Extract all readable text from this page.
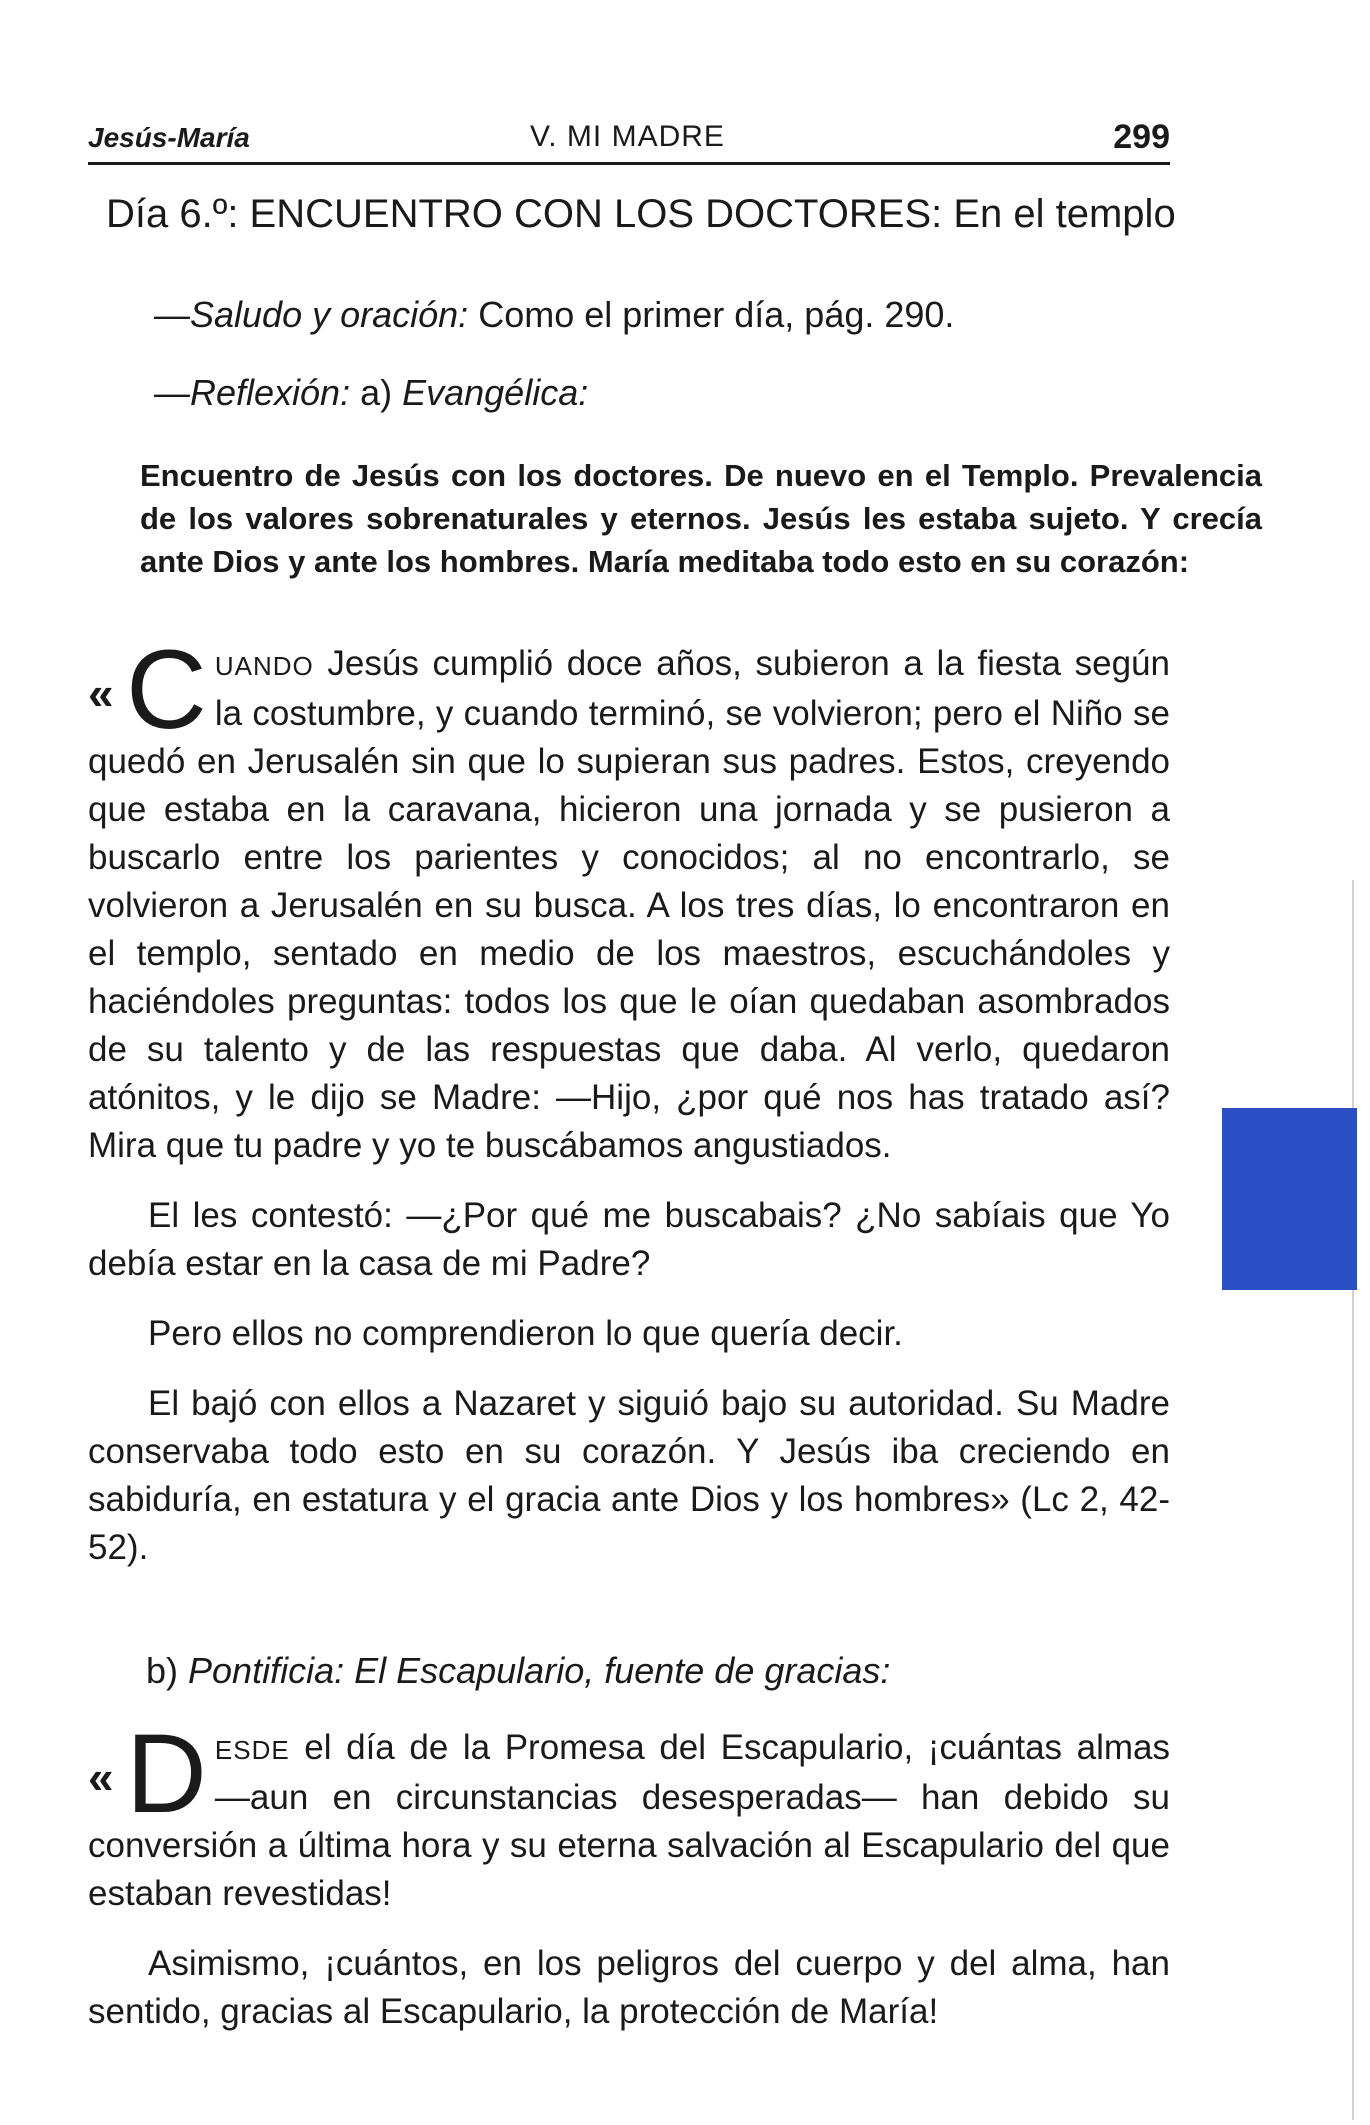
Jesús-María	V. MI MADRE	299
Día 6.º: ENCUENTRO CON LOS DOCTORES: En el templo
—Saludo y oración: Como el primer día, pág. 290.
—Reflexión: a) Evangélica:
Encuentro de Jesús con los doctores. De nuevo en el Templo. Prevalencia de los valores sobrenaturales y eternos. Jesús les estaba sujeto. Y crecía ante Dios y ante los hombres. María meditaba todo esto en su corazón:
« C UANDO Jesús cumplió doce años, subieron a la fiesta según la costumbre, y cuando terminó, se volvieron; pero el Niño se quedó en Jerusalén sin que lo supieran sus padres. Estos, creyendo que estaba en la caravana, hicieron una jornada y se pusieron a buscarlo entre los parientes y conocidos; al no encontrarlo, se volvieron a Jerusalén en su busca. A los tres días, lo encontraron en el templo, sentado en medio de los maestros, escuchándoles y haciéndoles preguntas: todos los que le oían quedaban asombrados de su talento y de las respuestas que daba. Al verlo, quedaron atónitos, y le dijo se Madre: —Hijo, ¿por qué nos has tratado así? Mira que tu padre y yo te buscábamos angustiados.

El les contestó: —¿Por qué me buscabais? ¿No sabíais que Yo debía estar en la casa de mi Padre?

Pero ellos no comprendieron lo que quería decir.

El bajó con ellos a Nazaret y siguió bajo su autoridad. Su Madre conservaba todo esto en su corazón. Y Jesús iba creciendo en sabiduría, en estatura y el gracia ante Dios y los hombres» (Lc 2, 42-52).

b) Pontificia: El Escapulario, fuente de gracias:
« D ESDE el día de la Promesa del Escapulario, ¡cuántas almas —aun en circunstancias desesperadas— han debido su conversión a última hora y su eterna salvación al Escapulario del que estaban revestidas!

Asimismo, ¡cuántos, en los peligros del cuerpo y del alma, han sentido, gracias al Escapulario, la protección de María!
